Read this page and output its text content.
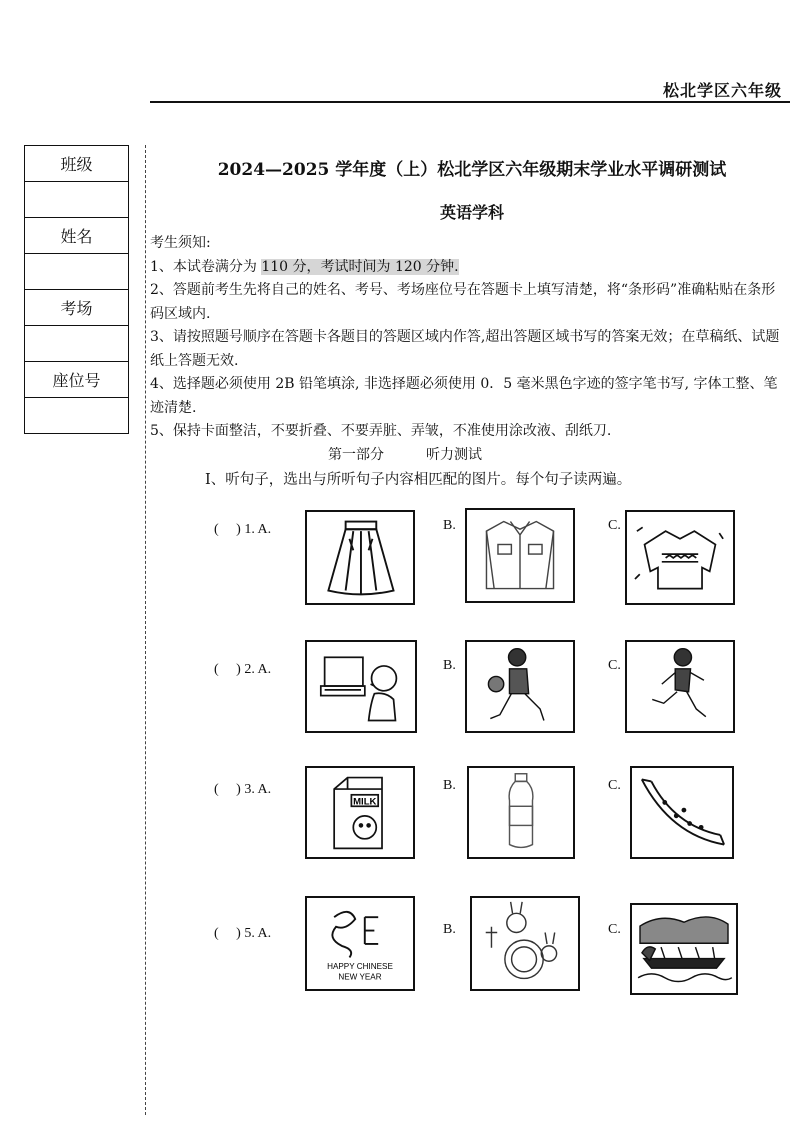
松北学区六年级
班级

姓名

考场

座位号

2024—2025 学年度（上）松北学区六年级期末学业水平调研测试
英语学科

考生须知:

1、本试卷满分为 110 分，考试时间为 120 分钟.

2、答题前考生先将自己的姓名、考号、考场座位号在答题卡上填写清楚，将“条形码”准确粘贴在条形码区域内.

3、请按照题号顺序在答题卡各题目的答题区域内作答,超出答题区域书写的答案无效；在草稿纸、试题纸上答题无效.

4、选择题必须使用 2B 铅笔填涂, 非选择题必须使用 0．5 毫米黑色字迹的签字笔书写, 字体工整、笔迹清楚.

5、保持卡面整洁，不要折叠、不要弄脏、弄皱，不准使用涂改液、刮纸刀.

第一部分	听力测试
I、听句子，选出与所听句子内容相匹配的图片。每个句子读两遍。
(　 ) 1. A.	B.	C.
(　 ) 2. A.	B.	C.
(　 ) 3. A.
MILK
B.	C.
(　 ) 5. A.
HAPPY CHINESE
NEW YEAR
B.	C.
